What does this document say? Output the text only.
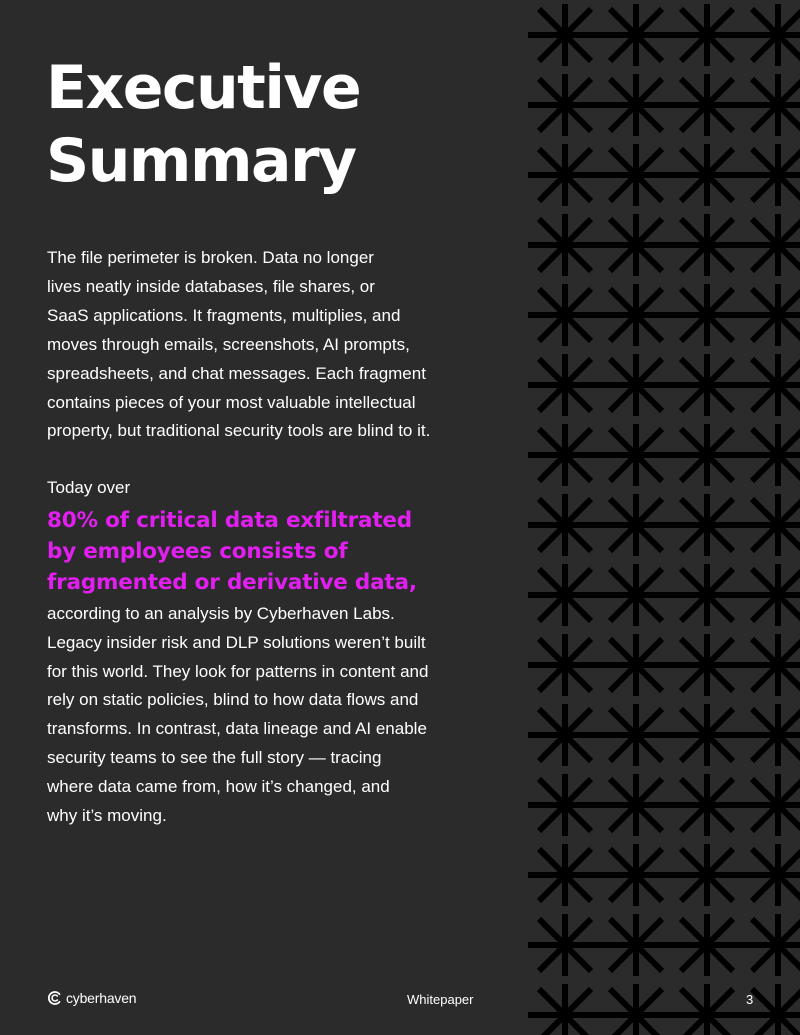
Executive
Summary

The file perimeter is broken. Data no longer
lives neatly inside databases, file shares, or
SaaS applications. It fragments, multiplies, and
moves through emails, screenshots, AI prompts,
spreadsheets, and chat messages. Each fragment
contains pieces of your most valuable intellectual
property, but traditional security tools are blind to it.

Today over

80% of critical data exfiltrated
by employees consists of
fragmented or derivative data,

according to an analysis by Cyberhaven Labs.
Legacy insider risk and DLP solutions weren’t built
for this world. They look for patterns in content and
rely on static policies, blind to how data flows and
transforms. In contrast, data lineage and AI enable
security teams to see the full story — tracing
where data came from, how it’s changed, and
why it’s moving.

cyberhaven	Whitepaper	3
